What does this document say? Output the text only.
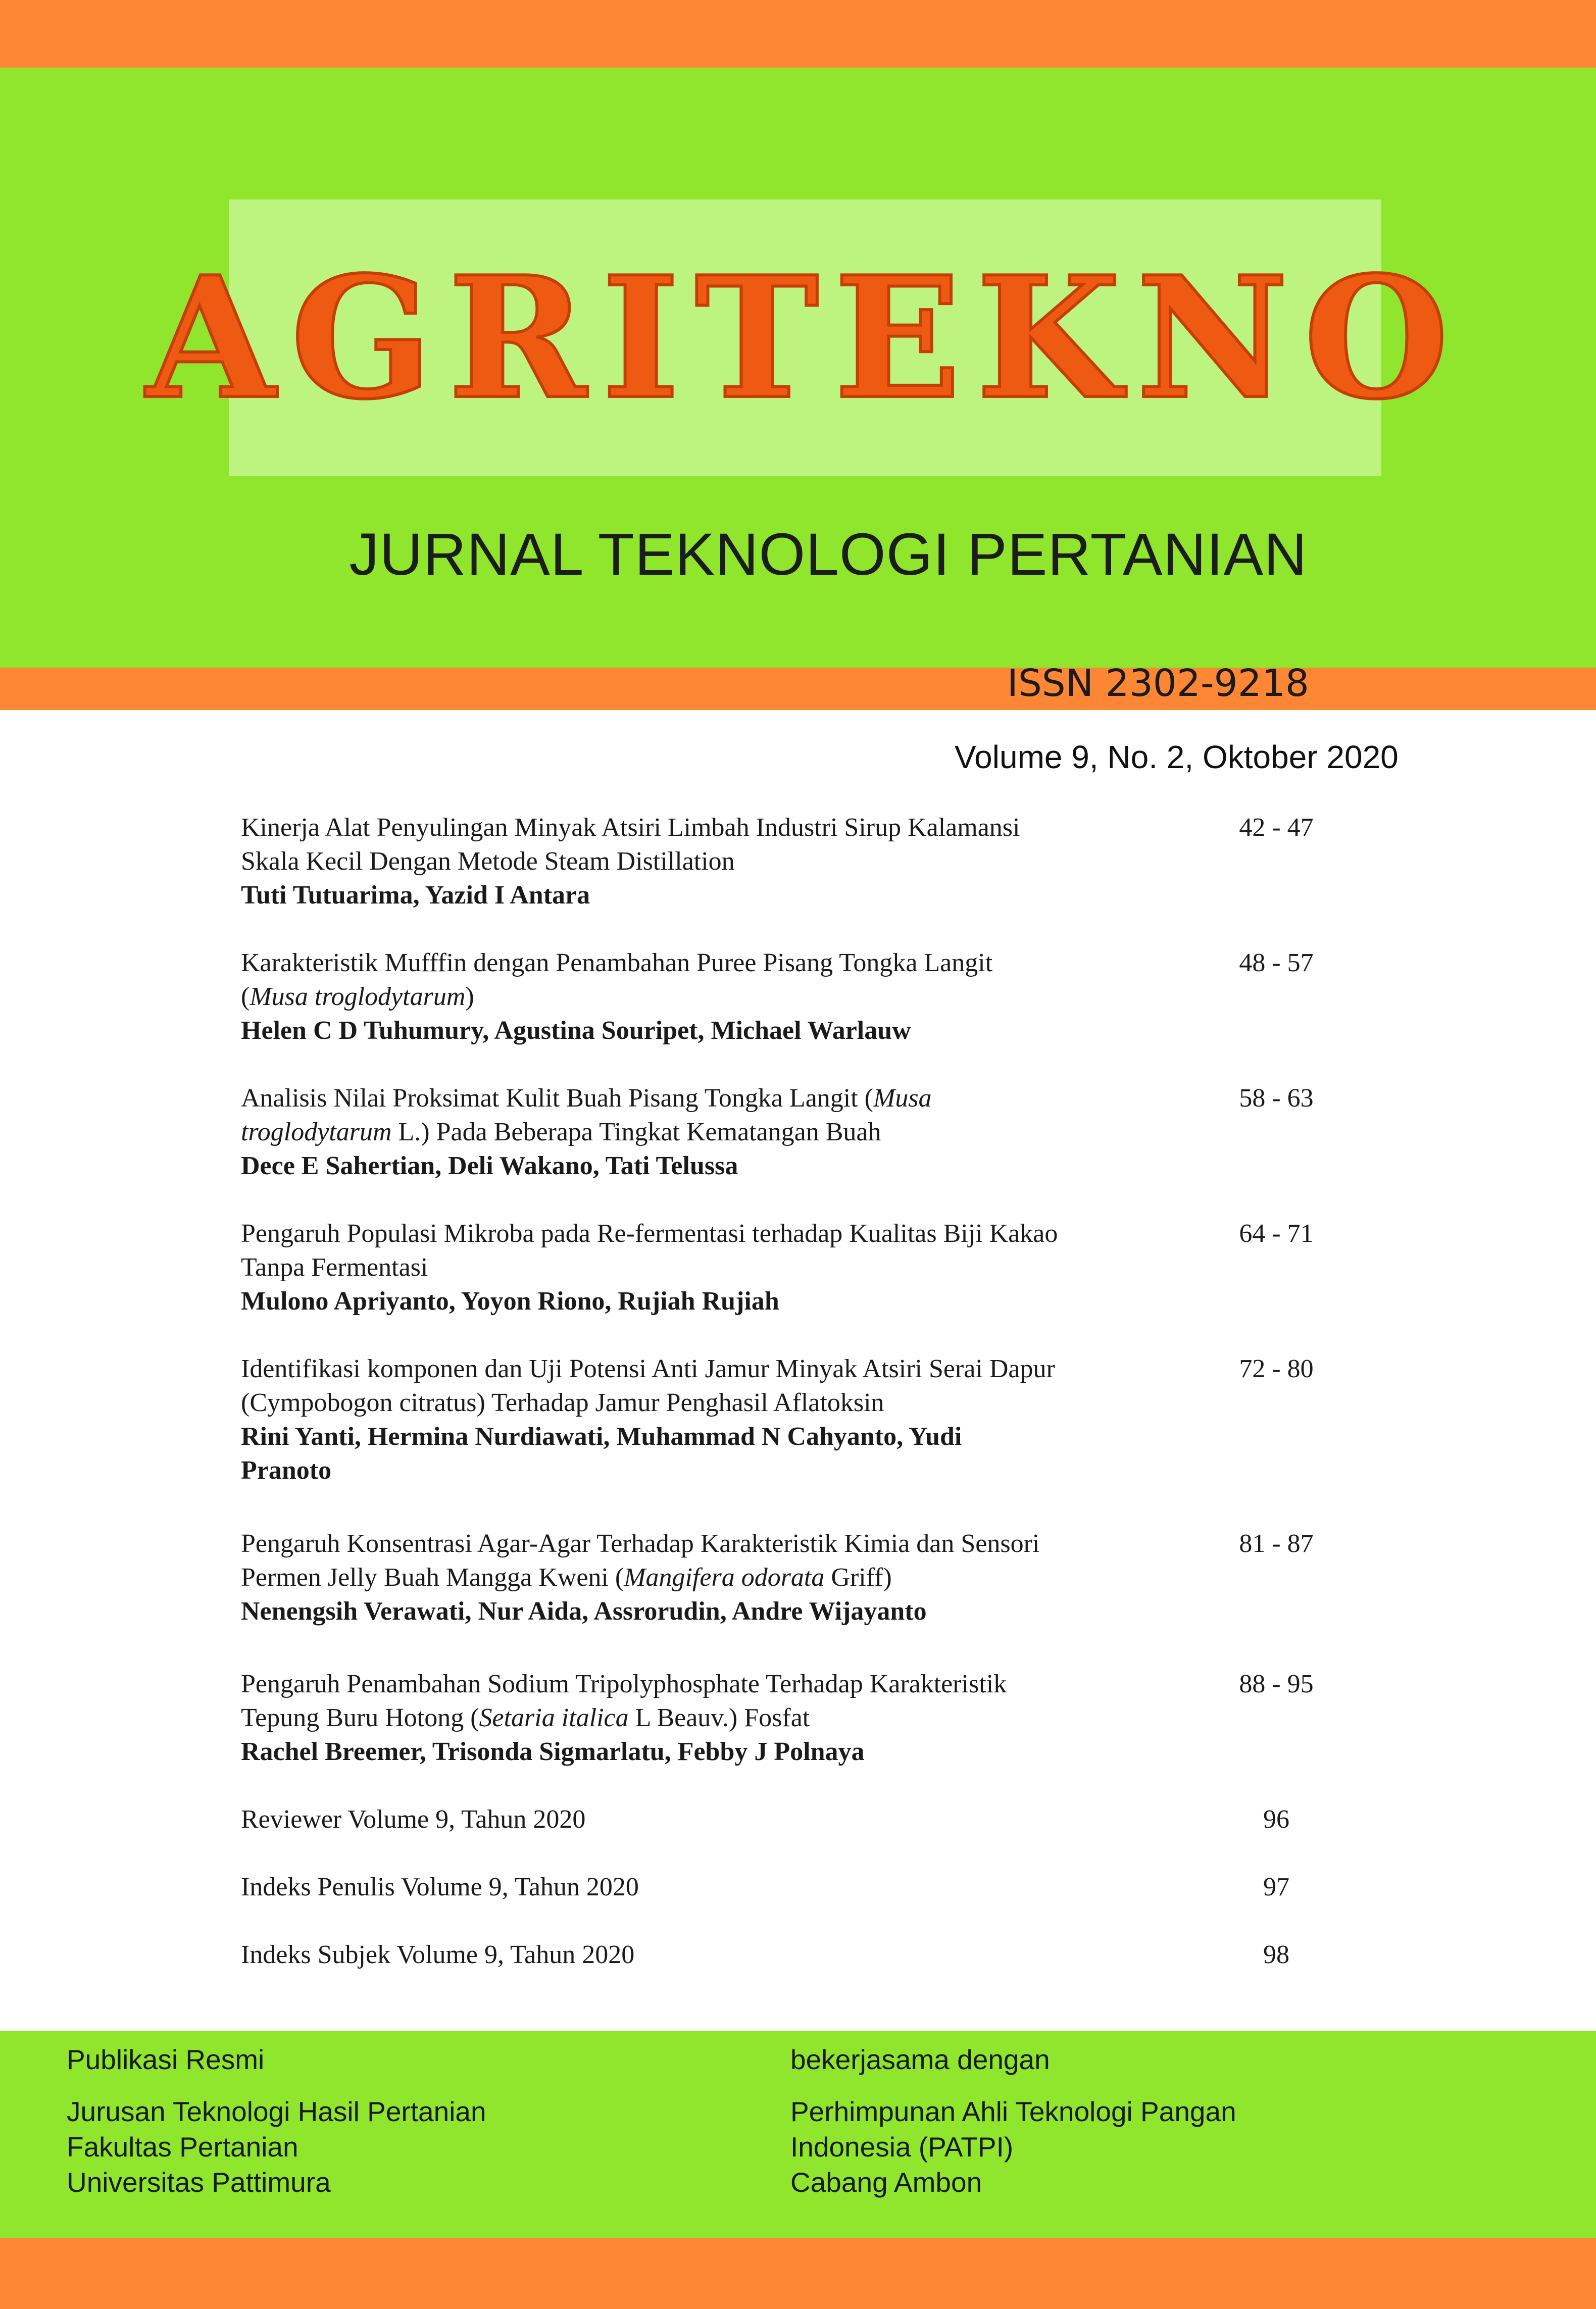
AGRITEKNO
JURNAL TEKNOLOGI PERTANIAN
ISSN 2302-9218
Volume 9, No. 2, Oktober 2020
Kinerja Alat Penyulingan Minyak Atsiri Limbah Industri Sirup Kalamansi
Skala Kecil Dengan Metode Steam Distillation
Tuti Tutuarima, Yazid I Antara
42 - 47
Karakteristik Mufffin dengan Penambahan Puree Pisang Tongka Langit
(Musa troglodytarum)
Helen C D Tuhumury, Agustina Souripet, Michael Warlauw
48 - 57
Analisis Nilai Proksimat Kulit Buah Pisang Tongka Langit (Musa
troglodytarum L.) Pada Beberapa Tingkat Kematangan Buah
Dece E Sahertian, Deli Wakano, Tati Telussa
58 - 63
Pengaruh Populasi Mikroba pada Re-fermentasi terhadap Kualitas Biji Kakao
Tanpa Fermentasi
Mulono Apriyanto, Yoyon Riono, Rujiah Rujiah
64 - 71
Identifikasi komponen dan Uji Potensi Anti Jamur Minyak Atsiri Serai Dapur
(Cympobogon citratus) Terhadap Jamur Penghasil Aflatoksin
Rini Yanti, Hermina Nurdiawati, Muhammad N Cahyanto, Yudi
Pranoto
72 - 80
Pengaruh Konsentrasi Agar-Agar Terhadap Karakteristik Kimia dan Sensori
Permen Jelly Buah Mangga Kweni (Mangifera odorata Griff)
Nenengsih Verawati, Nur Aida, Assrorudin, Andre Wijayanto
81 - 87
Pengaruh Penambahan Sodium Tripolyphosphate Terhadap Karakteristik
Tepung Buru Hotong (Setaria italica L Beauv.) Fosfat
Rachel Breemer, Trisonda Sigmarlatu, Febby J Polnaya
88 - 95
Reviewer Volume 9, Tahun 2020	96
Indeks Penulis Volume 9, Tahun 2020	97
Indeks Subjek Volume 9, Tahun 2020	98
Publikasi Resmi
Jurusan Teknologi Hasil Pertanian
Fakultas Pertanian
Universitas Pattimura
bekerjasama dengan
Perhimpunan Ahli Teknologi Pangan
Indonesia (PATPI)
Cabang Ambon
